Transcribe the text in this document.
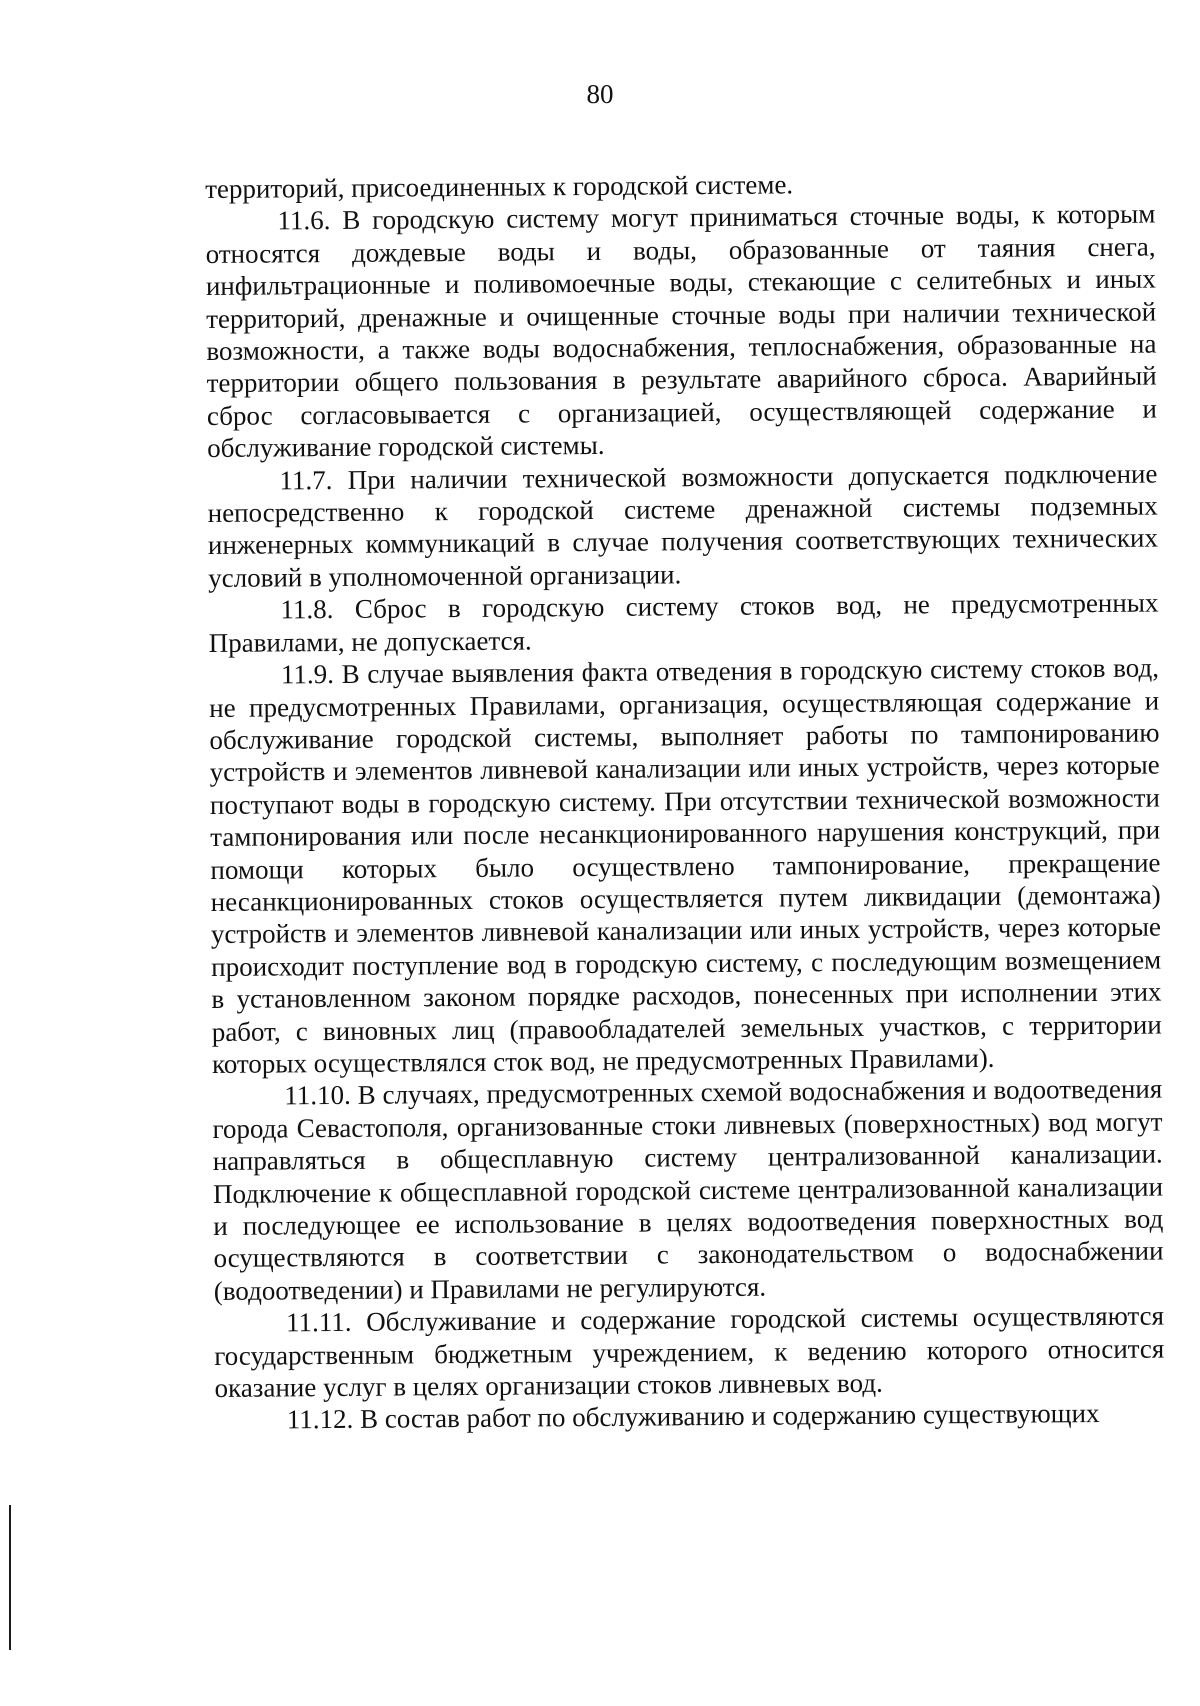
80

территорий, присоединенных к городской системе.

11.6. В городскую систему могут приниматься сточные воды, к которым относятся дождевые воды и воды, образованные от таяния снега, инфильтрационные и поливомоечные воды, стекающие с селитебных и иных территорий, дренажные и очищенные сточные воды при наличии технической возможности, а также воды водоснабжения, теплоснабжения, образованные на территории общего пользования в результате аварийного сброса. Аварийный сброс согласовывается с организацией, осуществляющей содержание и обслуживание городской системы.

11.7. При наличии технической возможности допускается подключение непосредственно к городской системе дренажной системы подземных инженерных коммуникаций в случае получения соответствующих технических условий в уполномоченной организации.

11.8. Сброс в городскую систему стоков вод, не предусмотренных Правилами, не допускается.

11.9. В случае выявления факта отведения в городскую систему стоков вод, не предусмотренных Правилами, организация, осуществляющая содержание и обслуживание городской системы, выполняет работы по тампонированию устройств и элементов ливневой канализации или иных устройств, через которые поступают воды в городскую систему. При отсутствии технической возможности тампонирования или после несанкционированного нарушения конструкций, при помощи которых было осуществлено тампонирование, прекращение несанкционированных стоков осуществляется путем ликвидации (демонтажа) устройств и элементов ливневой канализации или иных устройств, через которые происходит поступление вод в городскую систему, с последующим возмещением в установленном законом порядке расходов, понесенных при исполнении этих работ, с виновных лиц (правообладателей земельных участков, с территории которых осуществлялся сток вод, не предусмотренных Правилами).

11.10. В случаях, предусмотренных схемой водоснабжения и водоотведения города Севастополя, организованные стоки ливневых (поверхностных) вод могут направляться в общесплавную систему централизованной канализации. Подключение к общесплавной городской системе централизованной канализации и последующее ее использование в целях водоотведения поверхностных вод осуществляются в соответствии с законодательством о водоснабжении (водоотведении) и Правилами не регулируются.

11.11. Обслуживание и содержание городской системы осуществляются государственным бюджетным учреждением, к ведению которого относится оказание услуг в целях организации стоков ливневых вод.

11.12. В состав работ по обслуживанию и содержанию существующих
